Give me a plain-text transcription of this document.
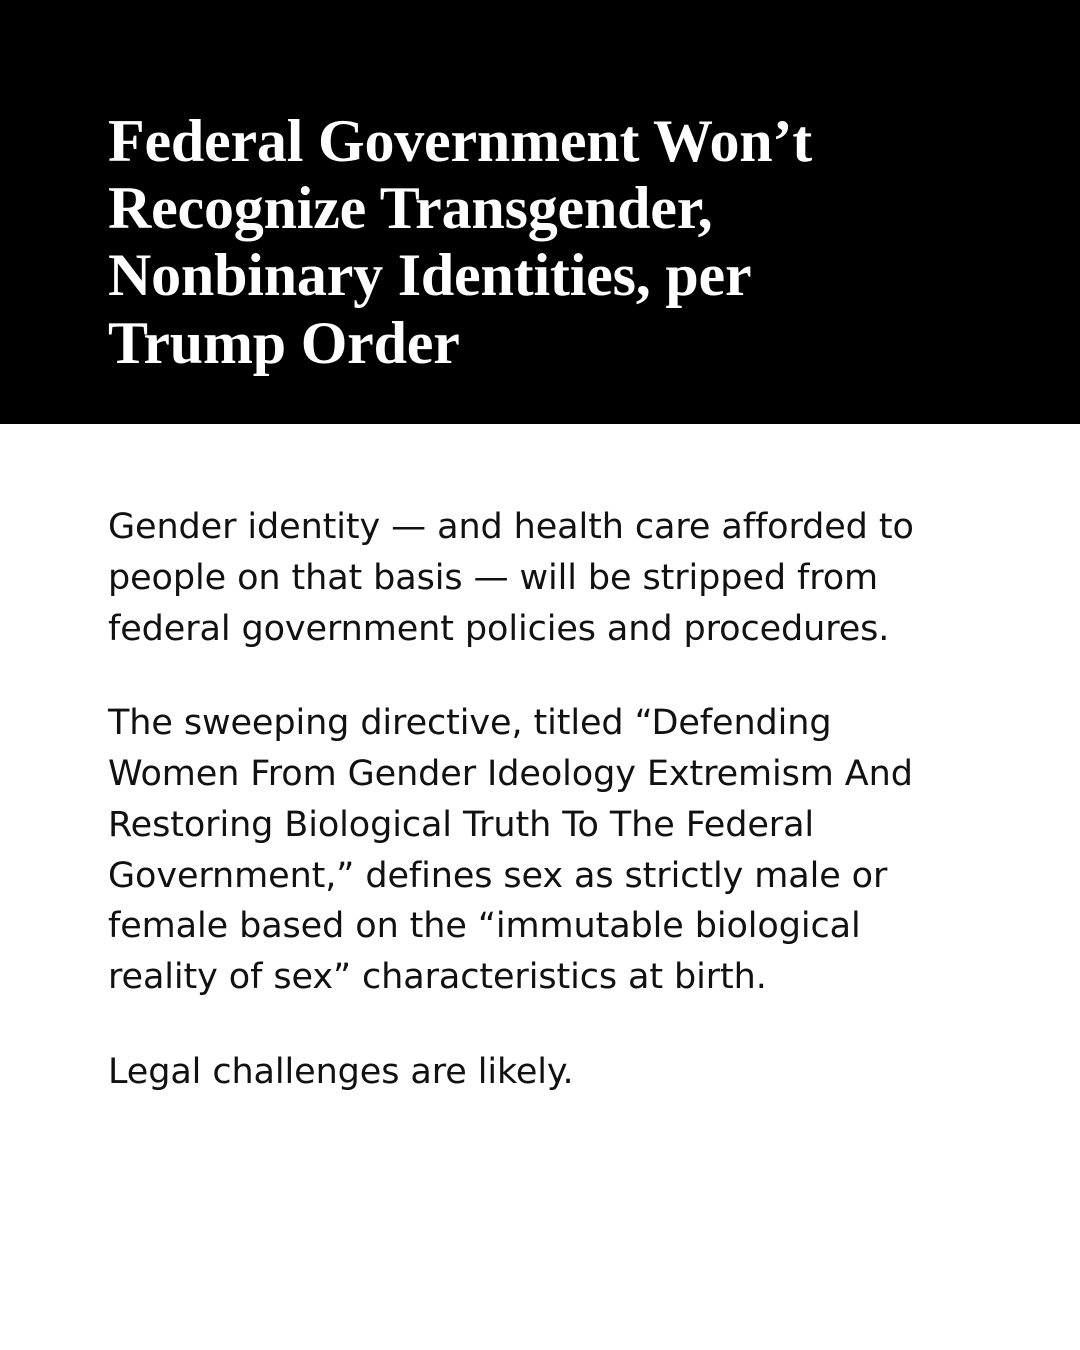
Federal Government Won’t Recognize Transgender, Nonbinary Identities, per Trump Order

Gender identity — and health care afforded to people on that basis — will be stripped from federal government policies and procedures.

The sweeping directive, titled “Defending Women From Gender Ideology Extremism And Restoring Biological Truth To The Federal Government,” defines sex as strictly male or female based on the “immutable biological reality of sex” characteristics at birth.

Legal challenges are likely.
